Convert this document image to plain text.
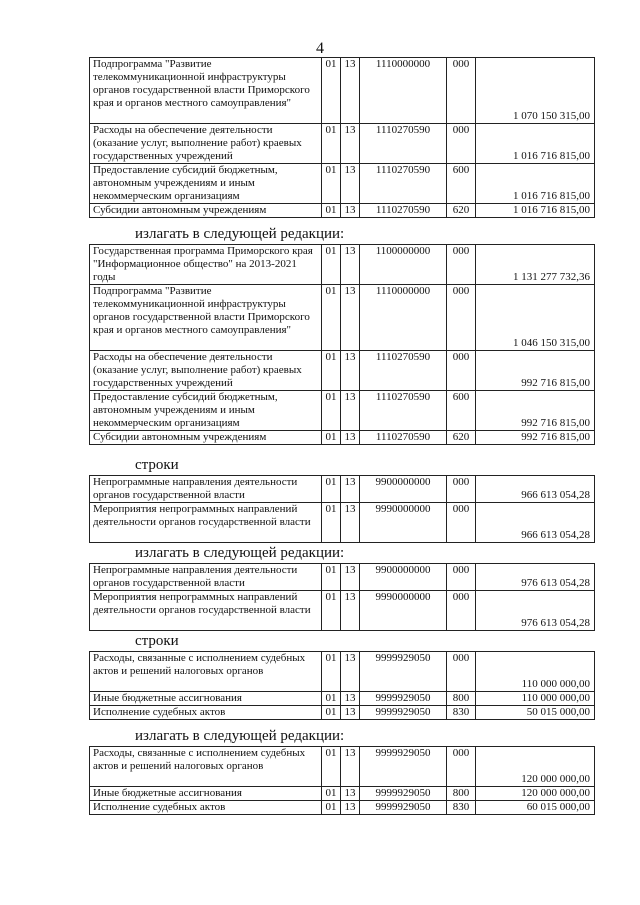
4
Подпрограмма "Развитие телекоммуникационной инфраструктуры органов государственной власти Приморского края и органов местного самоуправления"	01	13	1110000000	000	1 070 150 315,00
Расходы на обеспечение деятельности (оказание услуг, выполнение работ) краевых государственных учреждений	01	13	1110270590	000	1 016 716 815,00
Предоставление субсидий бюджетным, автономным учреждениям и иным некоммерческим организациям	01	13	1110270590	600	1 016 716 815,00
Субсидии автономным учреждениям	01	13	1110270590	620	1 016 716 815,00
излагать в следующей редакции:
Государственная программа Приморского края "Информационное общество" на 2013-2021 годы	01	13	1100000000	000	1 131 277 732,36
Подпрограмма "Развитие телекоммуникационной инфраструктуры органов государственной власти Приморского края и органов местного самоуправления"	01	13	1110000000	000	1 046 150 315,00
Расходы на обеспечение деятельности (оказание услуг, выполнение работ) краевых государственных учреждений	01	13	1110270590	000	992 716 815,00
Предоставление субсидий бюджетным, автономным учреждениям и иным некоммерческим организациям	01	13	1110270590	600	992 716 815,00
Субсидии автономным учреждениям	01	13	1110270590	620	992 716 815,00
строки
Непрограммные направления деятельности органов государственной власти	01	13	9900000000	000	966 613 054,28
Мероприятия непрограммных направлений деятельности органов государственной власти	01	13	9990000000	000	966 613 054,28
излагать в следующей редакции:
Непрограммные направления деятельности органов государственной власти	01	13	9900000000	000	976 613 054,28
Мероприятия непрограммных направлений деятельности органов государственной власти	01	13	9990000000	000	976 613 054,28
строки
Расходы, связанные с исполнением судебных актов и решений налоговых органов	01	13	9999929050	000	110 000 000,00
Иные бюджетные ассигнования	01	13	9999929050	800	110 000 000,00
Исполнение судебных актов	01	13	9999929050	830	50 015 000,00
излагать в следующей редакции:
Расходы, связанные с исполнением судебных актов и решений налоговых органов	01	13	9999929050	000	120 000 000,00
Иные бюджетные ассигнования	01	13	9999929050	800	120 000 000,00
Исполнение судебных актов	01	13	9999929050	830	60 015 000,00
